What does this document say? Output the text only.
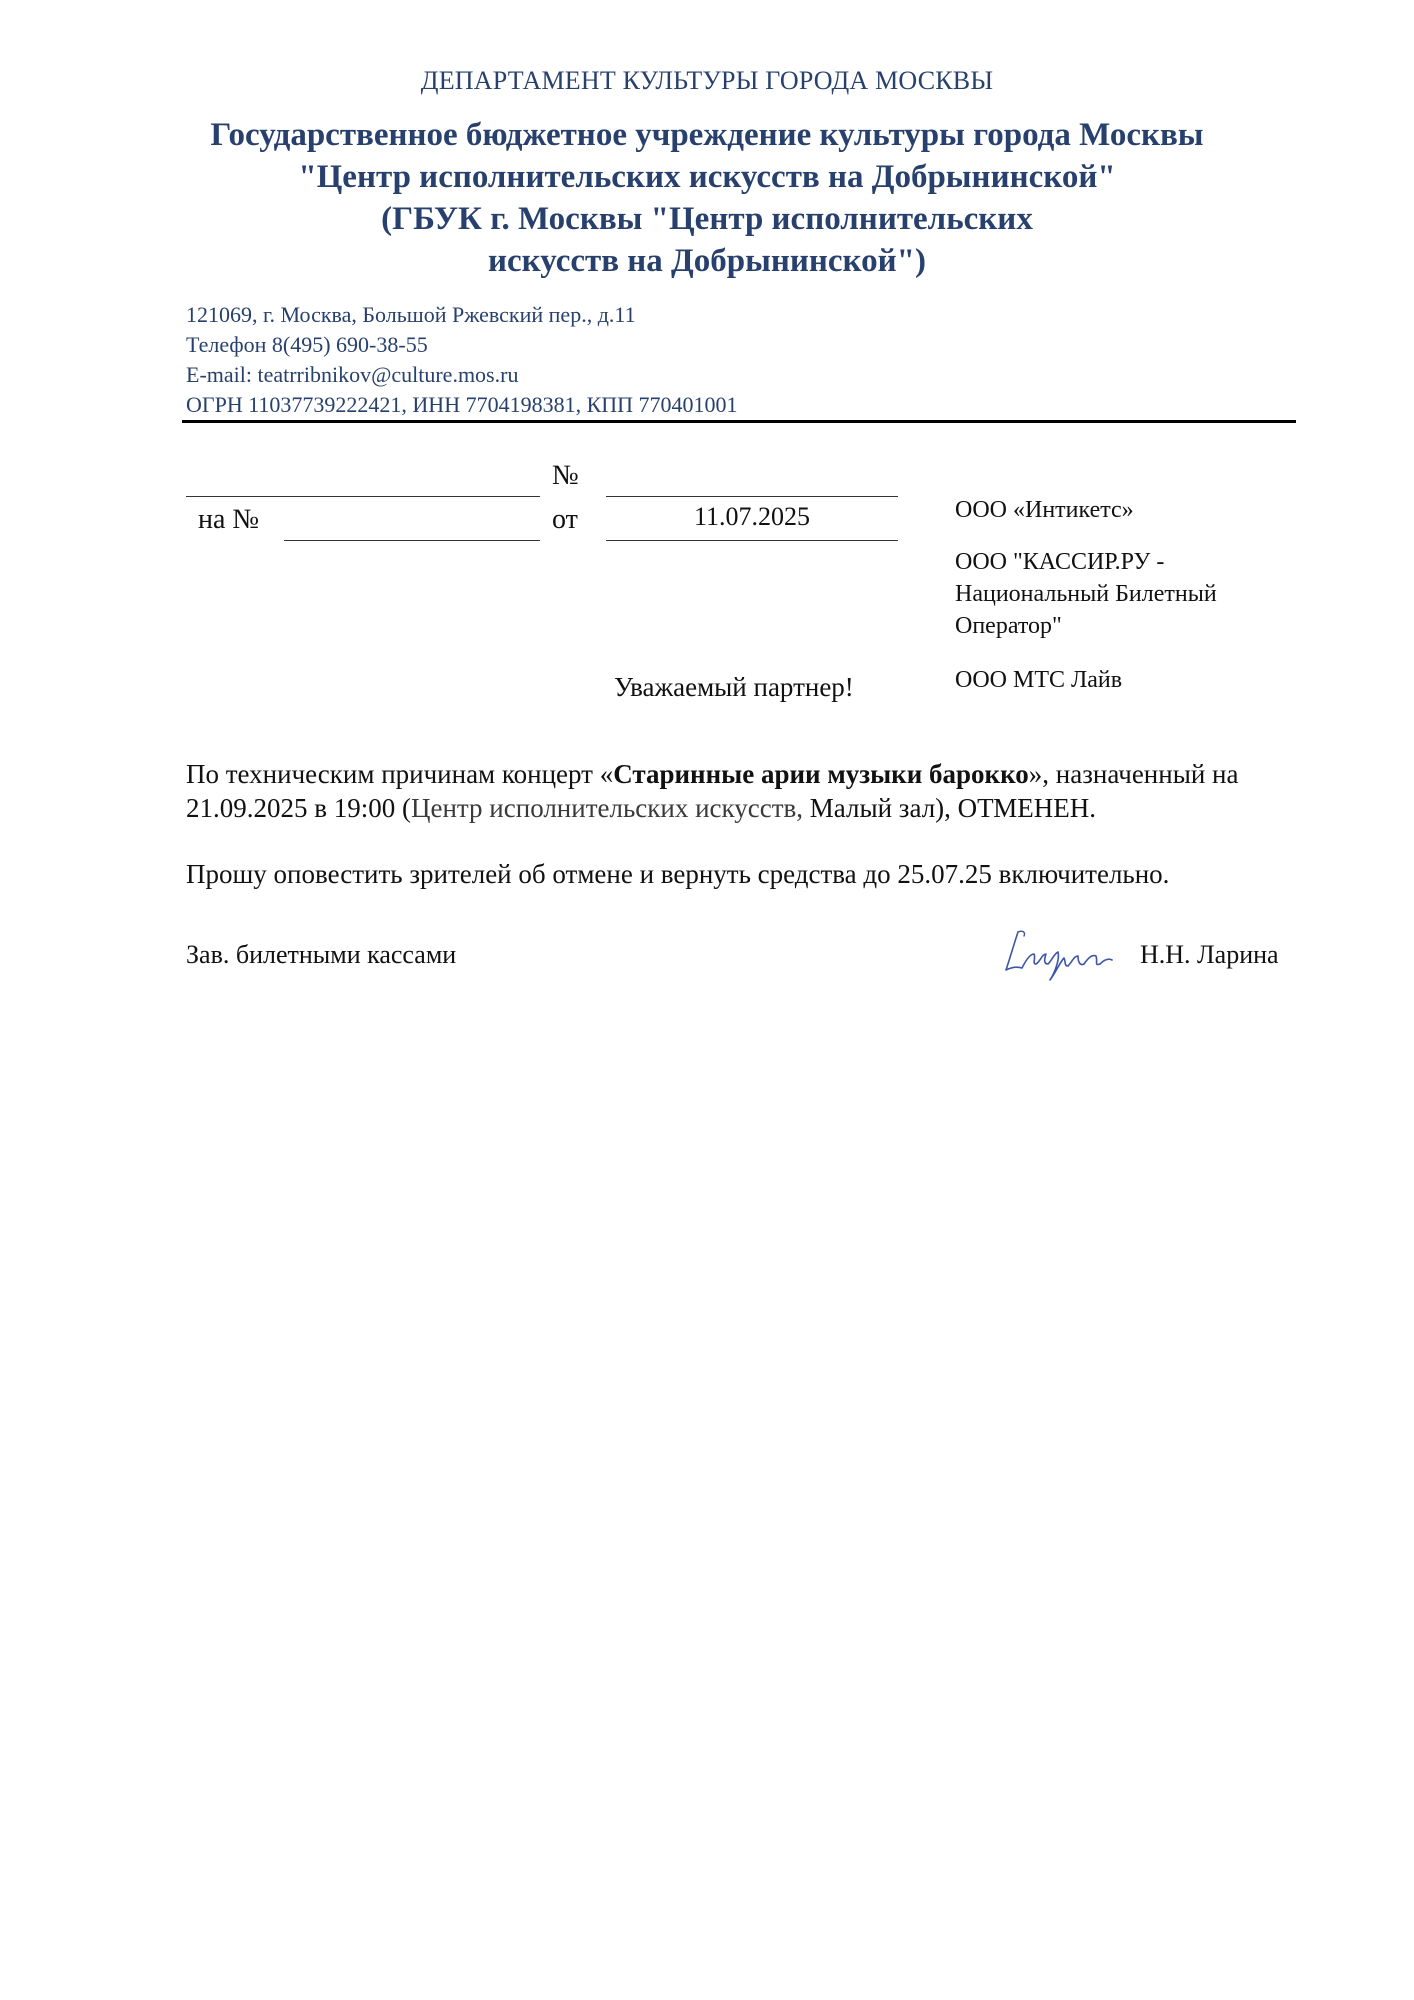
ДЕПАРТАМЕНТ КУЛЬТУРЫ ГОРОДА МОСКВЫ
Государственное бюджетное учреждение культуры города Москвы
"Центр исполнительских искусств на Добрынинской"
(ГБУК г. Москвы "Центр исполнительских
искусств на Добрынинской")
121069, г. Москва, Большой Ржевский пер., д.11
Телефон 8(495) 690-38-55
E-mail: teatrribnikov@culture.mos.ru
ОГРН 11037739222421, ИНН 7704198381, КПП 770401001
№
на №	от	11.07.2025	ООО «Интикетс»
ООО "КАССИР.РУ -
Национальный Билетный
Оператор"
ООО МТС Лайв
Уважаемый партнер!
По техническим причинам концерт «Старинные арии музыки барокко», назначенный на 21.09.2025 в 19:00 (Центр исполнительских искусств, Малый зал), ОТМЕНЕН.
Прошу оповестить зрителей об отмене и вернуть средства до 25.07.25 включительно.
Зав. билетными кассами	Н.Н. Ларина
